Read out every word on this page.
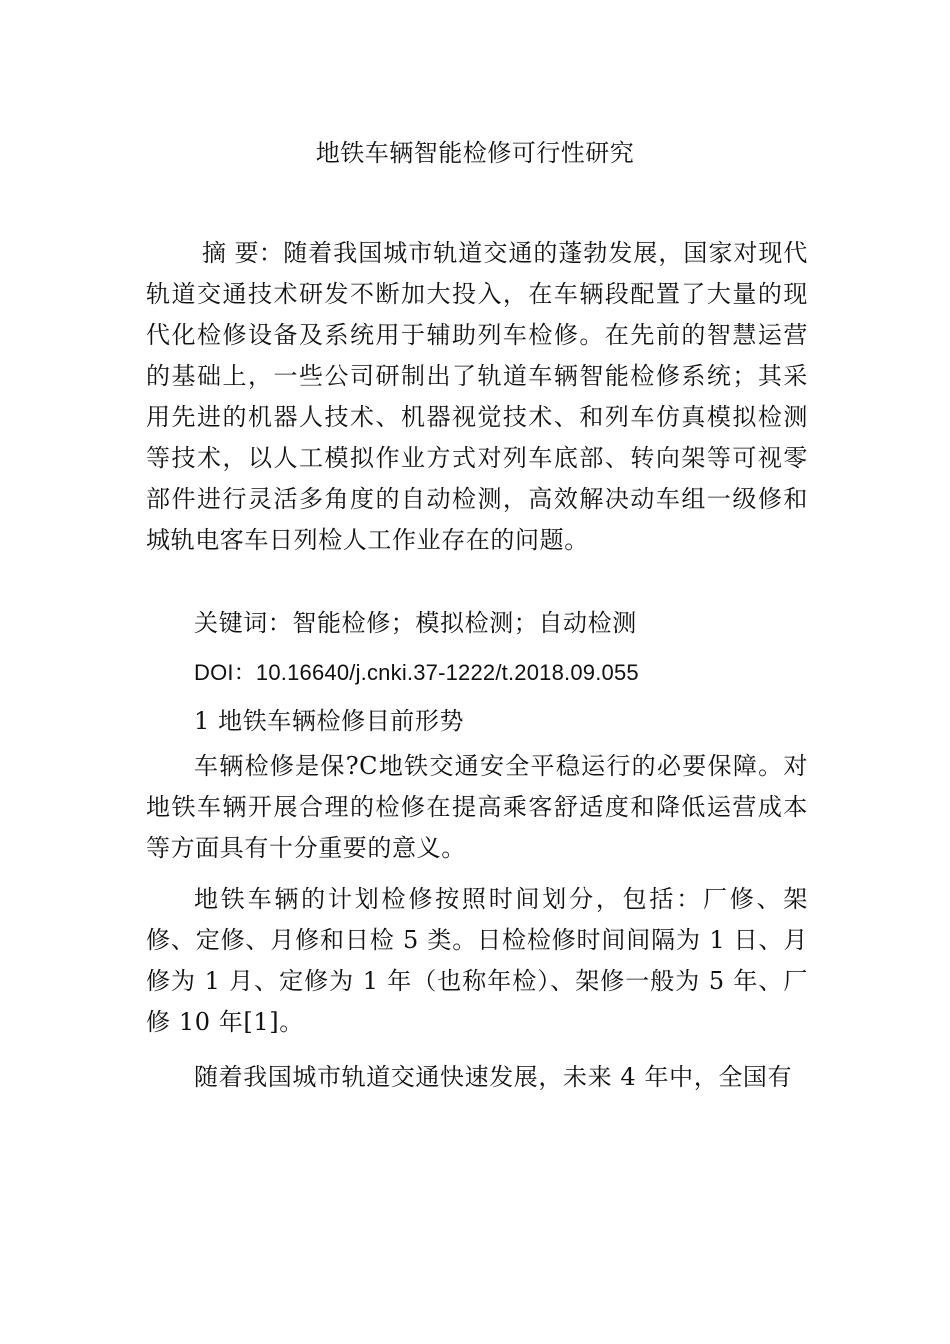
地铁车辆智能检修可行性研究

摘 要：随着我国城市轨道交通的蓬勃发展，国家对现代轨道交通技术研发不断加大投入，在车辆段配置了大量的现代化检修设备及系统用于辅助列车检修。在先前的智慧运营的基础上，一些公司研制出了轨道车辆智能检修系统；其采用先进的机器人技术、机器视觉技术、和列车仿真模拟检测等技术，以人工模拟作业方式对列车底部、转向架等可视零部件进行灵活多角度的自动检测，高效解决动车组一级修和城轨电客车日列检人工作业存在的问题。

关键词：智能检修；模拟检测；自动检测

DOI：10.16640/j.cnki.37-1222/t.2018.09.055

1 地铁车辆检修目前形势

车辆检修是保?C地铁交通安全平稳运行的必要保障。对地铁车辆开展合理的检修在提高乘客舒适度和降低运营成本等方面具有十分重要的意义。

地铁车辆的计划检修按照时间划分，包括：厂修、架修、定修、月修和日检 5 类。日检检修时间间隔为 1 日、月修为 1 月、定修为 1 年（也称年检）、架修一般为 5 年、厂修 10 年[1]。

随着我国城市轨道交通快速发展，未来 4 年中，全国有
